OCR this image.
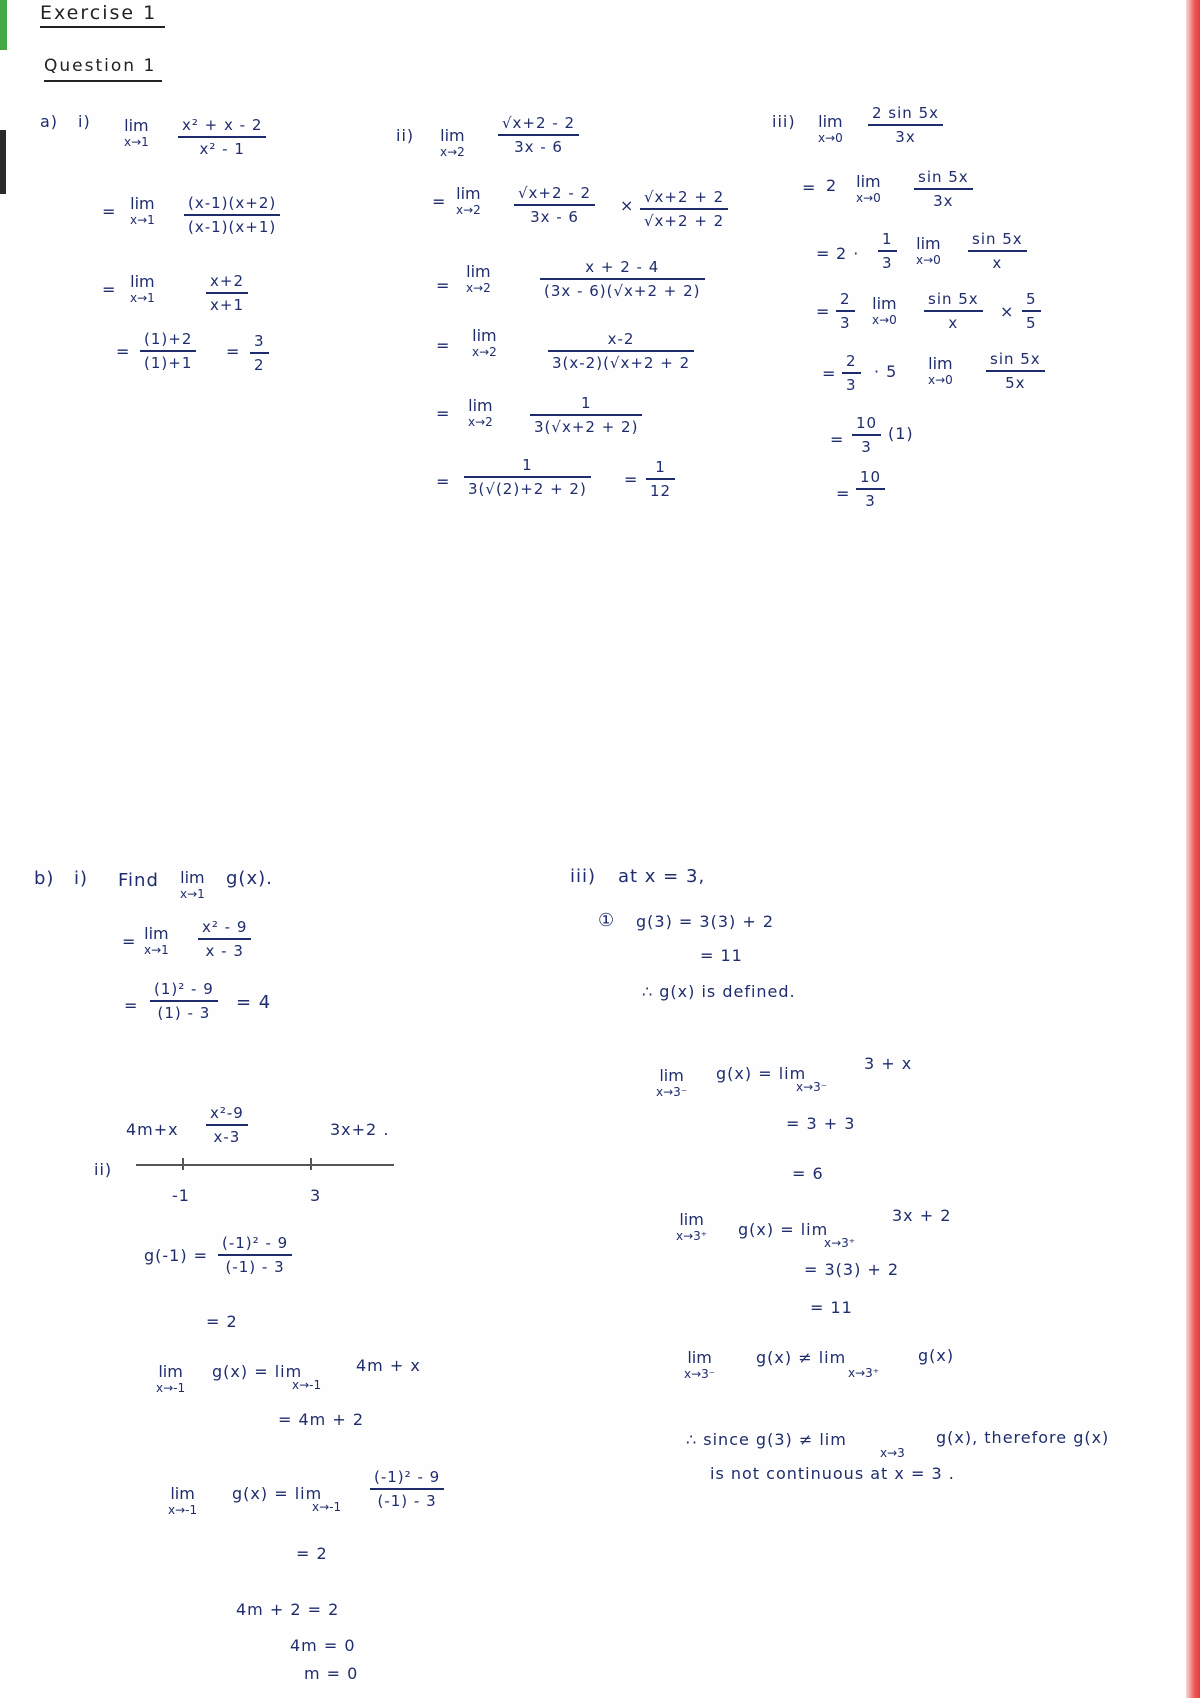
Exercise 1
Question 1
a) i) lim
$x\to 1 \frac{\text{x² + x - 2}}{\text{x² - 1}}$
= lim
$x\to 1 \frac{(x-1)(x+2)}{(x-1)(x+1)}$
= lim
x→1	$\frac{x+2}{x+1}$
= $\frac{(1)+2}{(1)+1} = \frac{3}{2}$
ii) lim
$x\to 2 \frac{√x+2 - 2}{3x - 6}$
= lim
$x\to 2 \frac{√x+2 - 2}{3x - 6} \times \frac{√x+2 + 2}{√x+2 + 2}$
=
lim
x→2	$\frac{x + 2 - 4}{(3x - 6)(√x+2 + 2)}$
=
lim
x→2	$\frac{x-2}{3(x-2)(√x+2 + 2}$
= lim
$x\to 2 \frac{1}{3(√x+2 + 2)}$
= $\frac{1}{3(√(2)+2 + 2)} = \frac{1}{12}$
iii) lim
$x\to 0 \frac{2 \sin 5x}{3x}$
= 2 lim
$x\to 0 \frac{\sin 5x}{3x}$
= $2 \cdot \frac{1}{3}$ lim
$x\to 0 \frac{\sin 5x}{x}$
= $\frac{2}{3}$ lim
$x\to 0 \frac{\sin 5x}{x} \times \frac{5}{5}$
= $\frac{2}{3} \cdot 5$ lim
$x\to 0 \frac{\sin 5x}{5x}$
= $\frac{10}{3} (1)$
= $\frac{10}{3}$
b) i) Find lim
x→1
g(x).
= lim
$x\to 1 \frac{\text{x² - 9}}{x - 3}$
= $\frac{\text{(1)² - 9}}{(1) - 3} = 4$
$4m+x \frac{\text{x²-9}}{x-3}$	3x+2 .
ii)
-1	3
$g(-1) = \frac{\text{(-1)² - 9}}{(-1) - 3}$
= 2
lim
x→-1
g(x) = lim
x→-1
4m + x
= 4m + 2
lim
x→-1
g(x) = lim
$x\to-1 \frac{\text{(-1)² - 9}}{(-1) - 3}$
= 2
4m + 2 = 2
4m = 0
m = 0
iii) at x = 3,
① g(3) = 3(3) + 2
= 11
∴ g(x) is defined.
lim
x→3⁻
g(x) = lim
x→3⁻
3 + x
= 3 + 3
= 6
lim
x→3⁺ g(x) = lim
x→3⁺
3x + 2
= 3(3) + 2
= 11
lim
x→3⁻
g(x) ≠ lim
x→3⁺
g(x)
∴ since g(3) ≠ lim
x→3
g(x), therefore g(x)
is not continuous at x = 3 .
